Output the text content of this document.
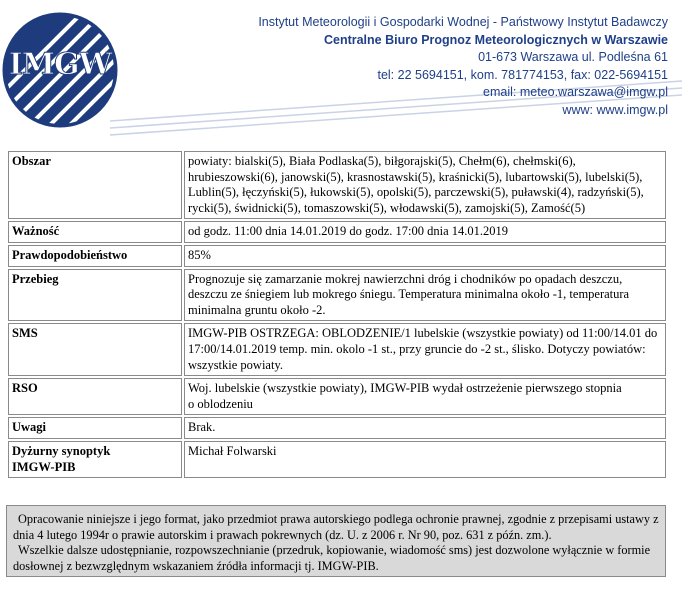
IMGW
Instytut Meteorologii i Gospodarki Wodnej - Państwowy Instytut Badawczy
Centralne Biuro Prognoz Meteorologicznych w Warszawie
01-673 Warszawa ul. Podleśna 61
tel: 22 5694151, kom. 781774153, fax: 022-5694151
email: meteo.warszawa@imgw.pl
www: www.imgw.pl
Obszar	powiaty: bialski(5), Biała Podlaska(5), biłgorajski(5), Chełm(6), chełmski(6), hrubieszowski(6), janowski(5), krasnostawski(5), kraśnicki(5), lubartowski(5), lubelski(5), Lublin(5), łęczyński(5), łukowski(5), opolski(5), parczewski(5), puławski(4), radzyński(5), rycki(5), świdnicki(5), tomaszowski(5), włodawski(5), zamojski(5), Zamość(5)
Ważność	od godz. 11:00 dnia 14.01.2019 do godz. 17:00 dnia 14.01.2019
Prawdopodobieństwo	85%
Przebieg	Prognozuje się zamarzanie mokrej nawierzchni dróg i chodników po opadach deszczu, deszczu ze śniegiem lub mokrego śniegu. Temperatura minimalna około -1, temperatura minimalna gruntu około -2.
SMS	IMGW-PIB OSTRZEGA: OBLODZENIE/1 lubelskie (wszystkie powiaty) od 11:00/14.01 do 17:00/14.01.2019 temp. min. okolo -1 st., przy gruncie do -2 st., ślisko. Dotyczy powiatów: wszystkie powiaty.
RSO	Woj. lubelskie (wszystkie powiaty), IMGW-PIB wydał ostrzeżenie pierwszego stopnia
o oblodzeniu

Uwagi	Brak.

Dyżurny synoptyk
IMGW-PIB	Michał Folwarski

Opracowanie niniejsze i jego format, jako przedmiot prawa autorskiego podlega ochronie prawnej, zgodnie z przepisami ustawy z dnia 4 lutego 1994r o prawie autorskim i prawach pokrewnych (dz. U. z 2006 r. Nr 90, poz. 631 z późn. zm.).

Wszelkie dalsze udostępnianie, rozpowszechnianie (przedruk, kopiowanie, wiadomość sms) jest dozwolone wyłącznie w formie dosłownej z bezwzględnym wskazaniem źródła informacji tj. IMGW-PIB.
